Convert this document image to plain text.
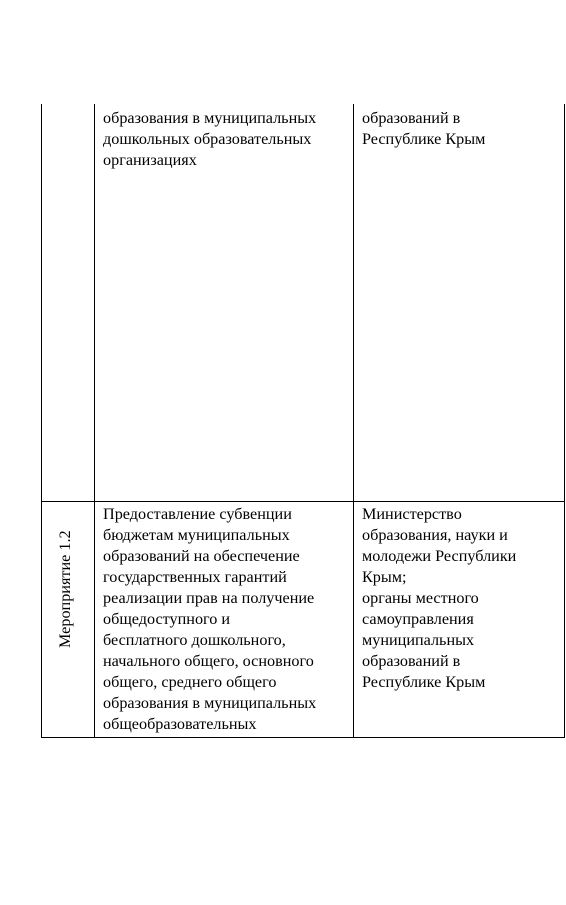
образования в муниципальных
дошкольных образовательных
организациях
образований в
Республике Крым
Мероприятие 1.2
Предоставление субвенции
бюджетам муниципальных
образований на обеспечение
государственных гарантий
реализации прав на получение
общедоступного и
бесплатного дошкольного,
начального общего, основного
общего, среднего общего
образования в муниципальных
общеобразовательных
Министерство
образования, науки и
молодежи Республики
Крым;
органы местного
самоуправления
муниципальных
образований в
Республике Крым
